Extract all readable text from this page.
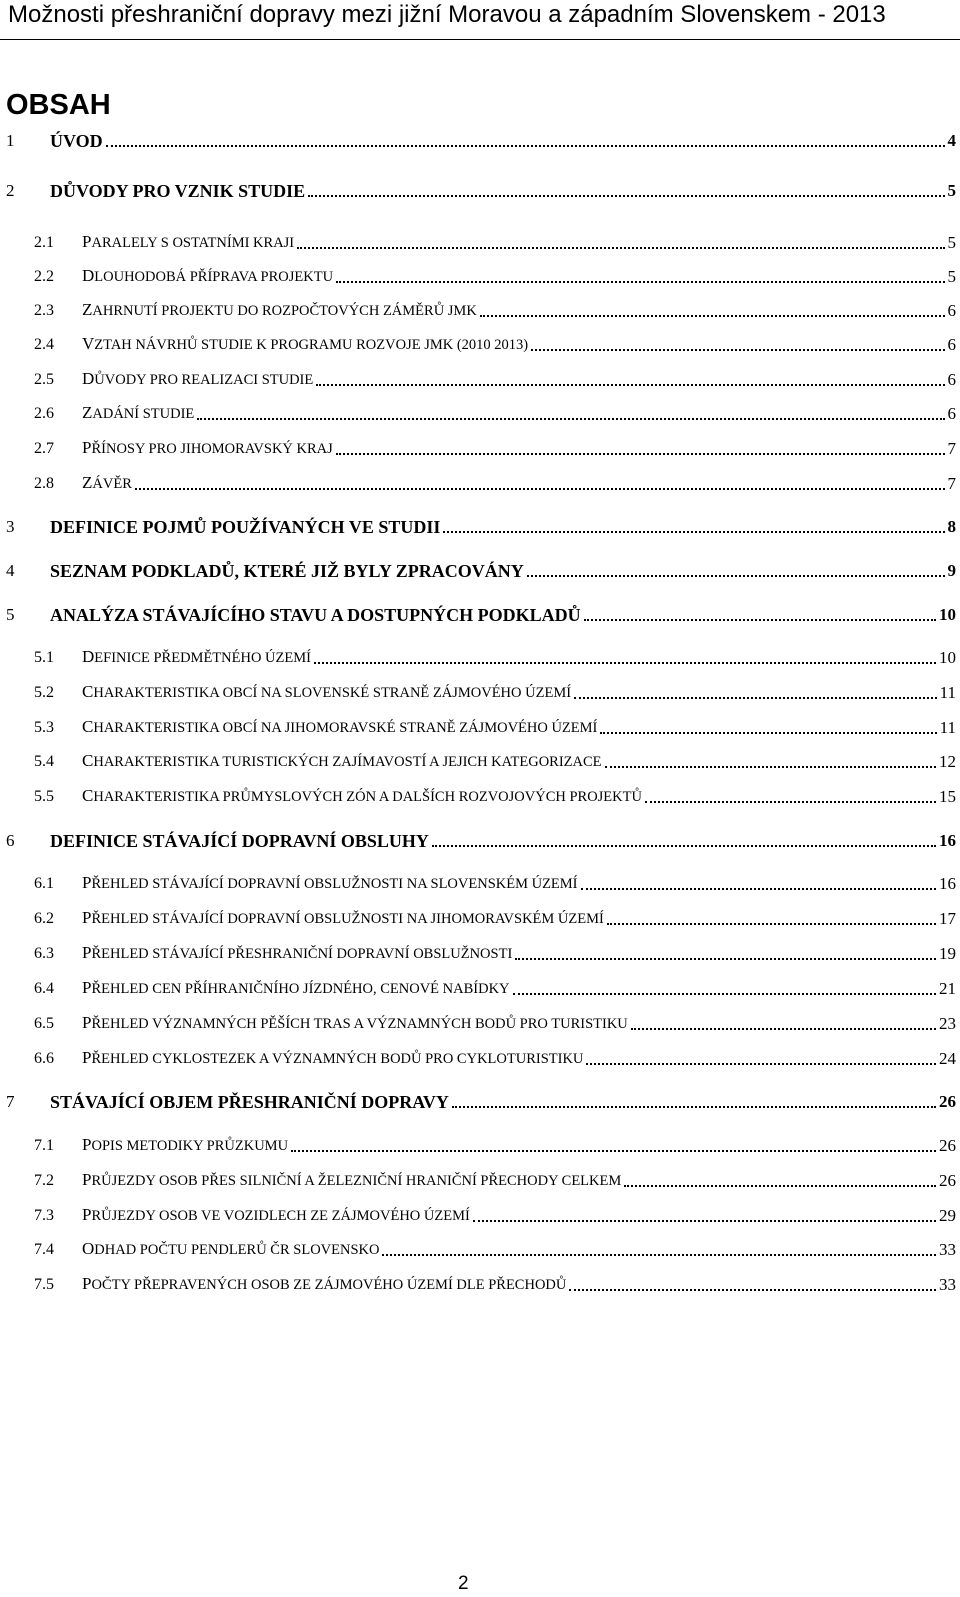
Možnosti přeshraniční dopravy mezi jižní Moravou a západním Slovenskem - 2013
OBSAH
1	ÚVOD	4
2	DŮVODY PRO VZNIK STUDIE	5
2.1	PARALELY S OSTATNÍMI KRAJI	5
2.2	DLOUHODOBÁ PŘÍPRAVA PROJEKTU	5
2.3	ZAHRNUTÍ PROJEKTU DO ROZPOČTOVÝCH ZÁMĚRŮ JMK	6
2.4	VZTAH NÁVRHŮ STUDIE K PROGRAMU ROZVOJE JMK (2010 2013)	6
2.5	DŮVODY PRO REALIZACI STUDIE	6
2.6	ZADÁNÍ STUDIE	6
2.7	PŘÍNOSY PRO JIHOMORAVSKÝ KRAJ	7
2.8	ZÁVĚR	7
3	DEFINICE POJMŮ POUŽÍVANÝCH VE STUDII	8
4	SEZNAM PODKLADŮ, KTERÉ JIŽ BYLY ZPRACOVÁNY	9
5	ANALÝZA STÁVAJÍCÍHO STAVU A DOSTUPNÝCH PODKLADŮ	10
5.1	DEFINICE PŘEDMĚTNÉHO ÚZEMÍ	10
5.2	CHARAKTERISTIKA OBCÍ NA SLOVENSKÉ STRANĚ ZÁJMOVÉHO ÚZEMÍ	11
5.3	CHARAKTERISTIKA OBCÍ NA JIHOMORAVSKÉ STRANĚ ZÁJMOVÉHO ÚZEMÍ	11
5.4	CHARAKTERISTIKA TURISTICKÝCH ZAJÍMAVOSTÍ A JEJICH KATEGORIZACE	12
5.5	CHARAKTERISTIKA PRŮMYSLOVÝCH ZÓN A DALŠÍCH ROZVOJOVÝCH PROJEKTŮ	15
6	DEFINICE STÁVAJÍCÍ DOPRAVNÍ OBSLUHY	16
6.1	PŘEHLED STÁVAJÍCÍ DOPRAVNÍ OBSLUŽNOSTI NA SLOVENSKÉM ÚZEMÍ	16
6.2	PŘEHLED STÁVAJÍCÍ DOPRAVNÍ OBSLUŽNOSTI NA JIHOMORAVSKÉM ÚZEMÍ	17
6.3	PŘEHLED STÁVAJÍCÍ PŘESHRANIČNÍ DOPRAVNÍ OBSLUŽNOSTI	19
6.4	PŘEHLED CEN PŘÍHRANIČNÍHO JÍZDNÉHO, CENOVÉ NABÍDKY	21
6.5	PŘEHLED VÝZNAMNÝCH PĚŠÍCH TRAS A VÝZNAMNÝCH BODŮ PRO TURISTIKU	23
6.6	PŘEHLED CYKLOSTEZEK A VÝZNAMNÝCH BODŮ PRO CYKLOTURISTIKU	24
7	STÁVAJÍCÍ OBJEM PŘESHRANIČNÍ DOPRAVY	26
7.1	POPIS METODIKY PRŮZKUMU	26
7.2	PRŮJEZDY OSOB PŘES SILNIČNÍ A ŽELEZNIČNÍ HRANIČNÍ PŘECHODY CELKEM	26
7.3	PRŮJEZDY OSOB VE VOZIDLECH ZE ZÁJMOVÉHO ÚZEMÍ	29
7.4	ODHAD POČTU PENDLERŮ ČR SLOVENSKO	33
7.5	POČTY PŘEPRAVENÝCH OSOB ZE ZÁJMOVÉHO ÚZEMÍ DLE PŘECHODŮ	33
2
